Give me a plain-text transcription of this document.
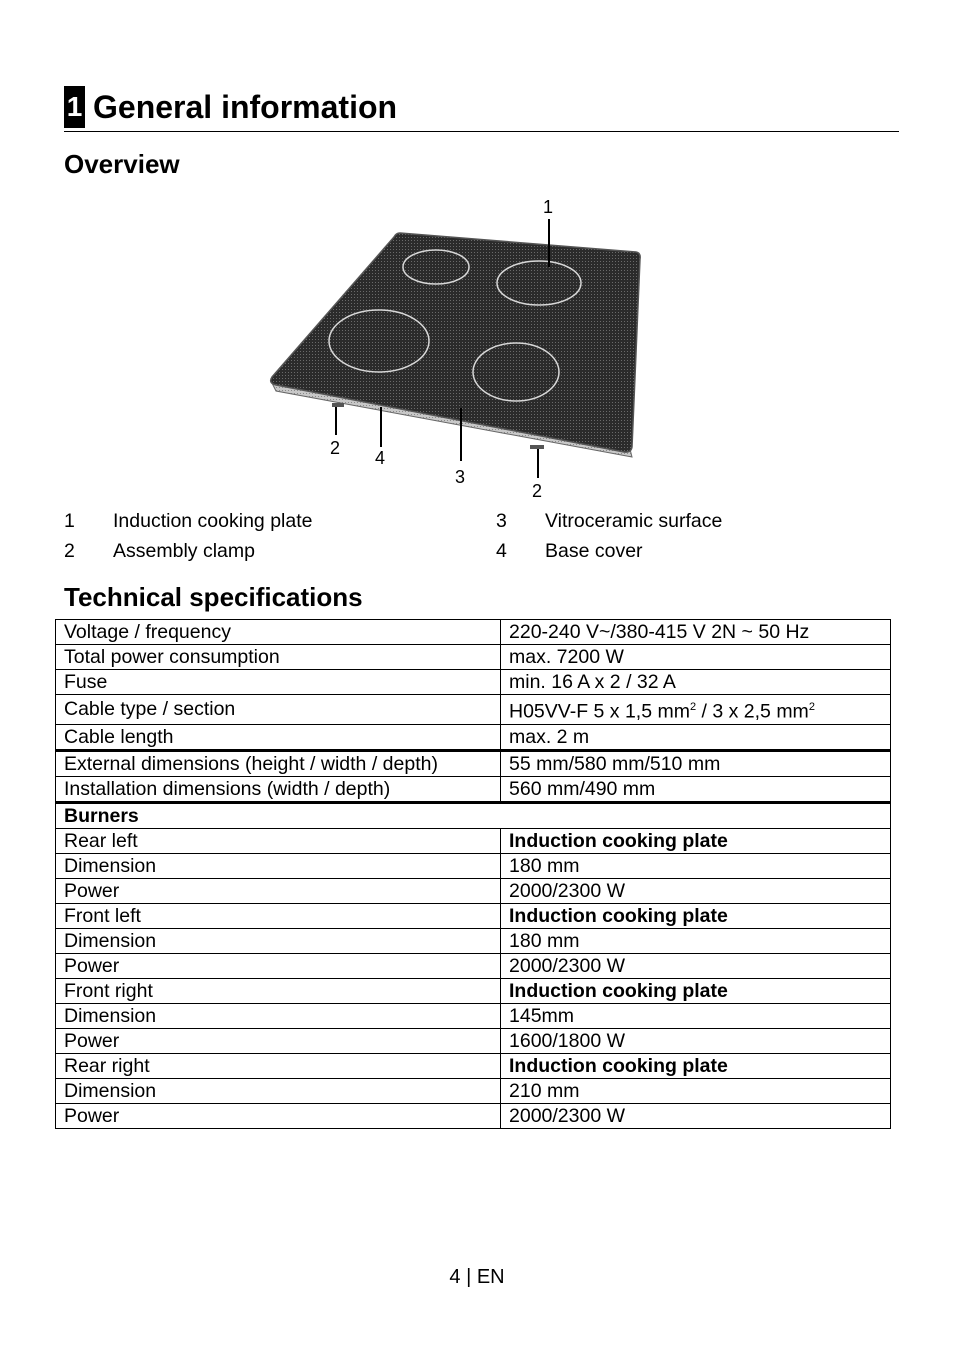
1 General information
Overview
1
2 4
3
2
1 Induction cooking plate
2 Assembly clamp
3 Vitroceramic surface
4 Base cover
Technical specifications
Voltage / frequency	220-240 V~/380-415 V 2N ~ 50 Hz
Total power consumption	max. 7200 W
Fuse	min. 16 A x 2 / 32 A
Cable type / section	H05VV-F 5 x 1,5 $mm^2 / 3$ x 2,5 $mm^2$
Cable length	max. 2 m
External dimensions (height / width / depth)	55 mm/580 mm/510 mm
Installation dimensions (width / depth)	560 mm/490 mm
Burners	
Rear left	Induction cooking plate
Dimension	180 mm
Power	2000/2300 W
Front left	Induction cooking plate
Dimension	180 mm
Power	2000/2300 W
Front right	Induction cooking plate
Dimension	145mm
Power	1600/1800 W
Rear right	Induction cooking plate
Dimension	210 mm
Power	2000/2300 W
4 | EN
